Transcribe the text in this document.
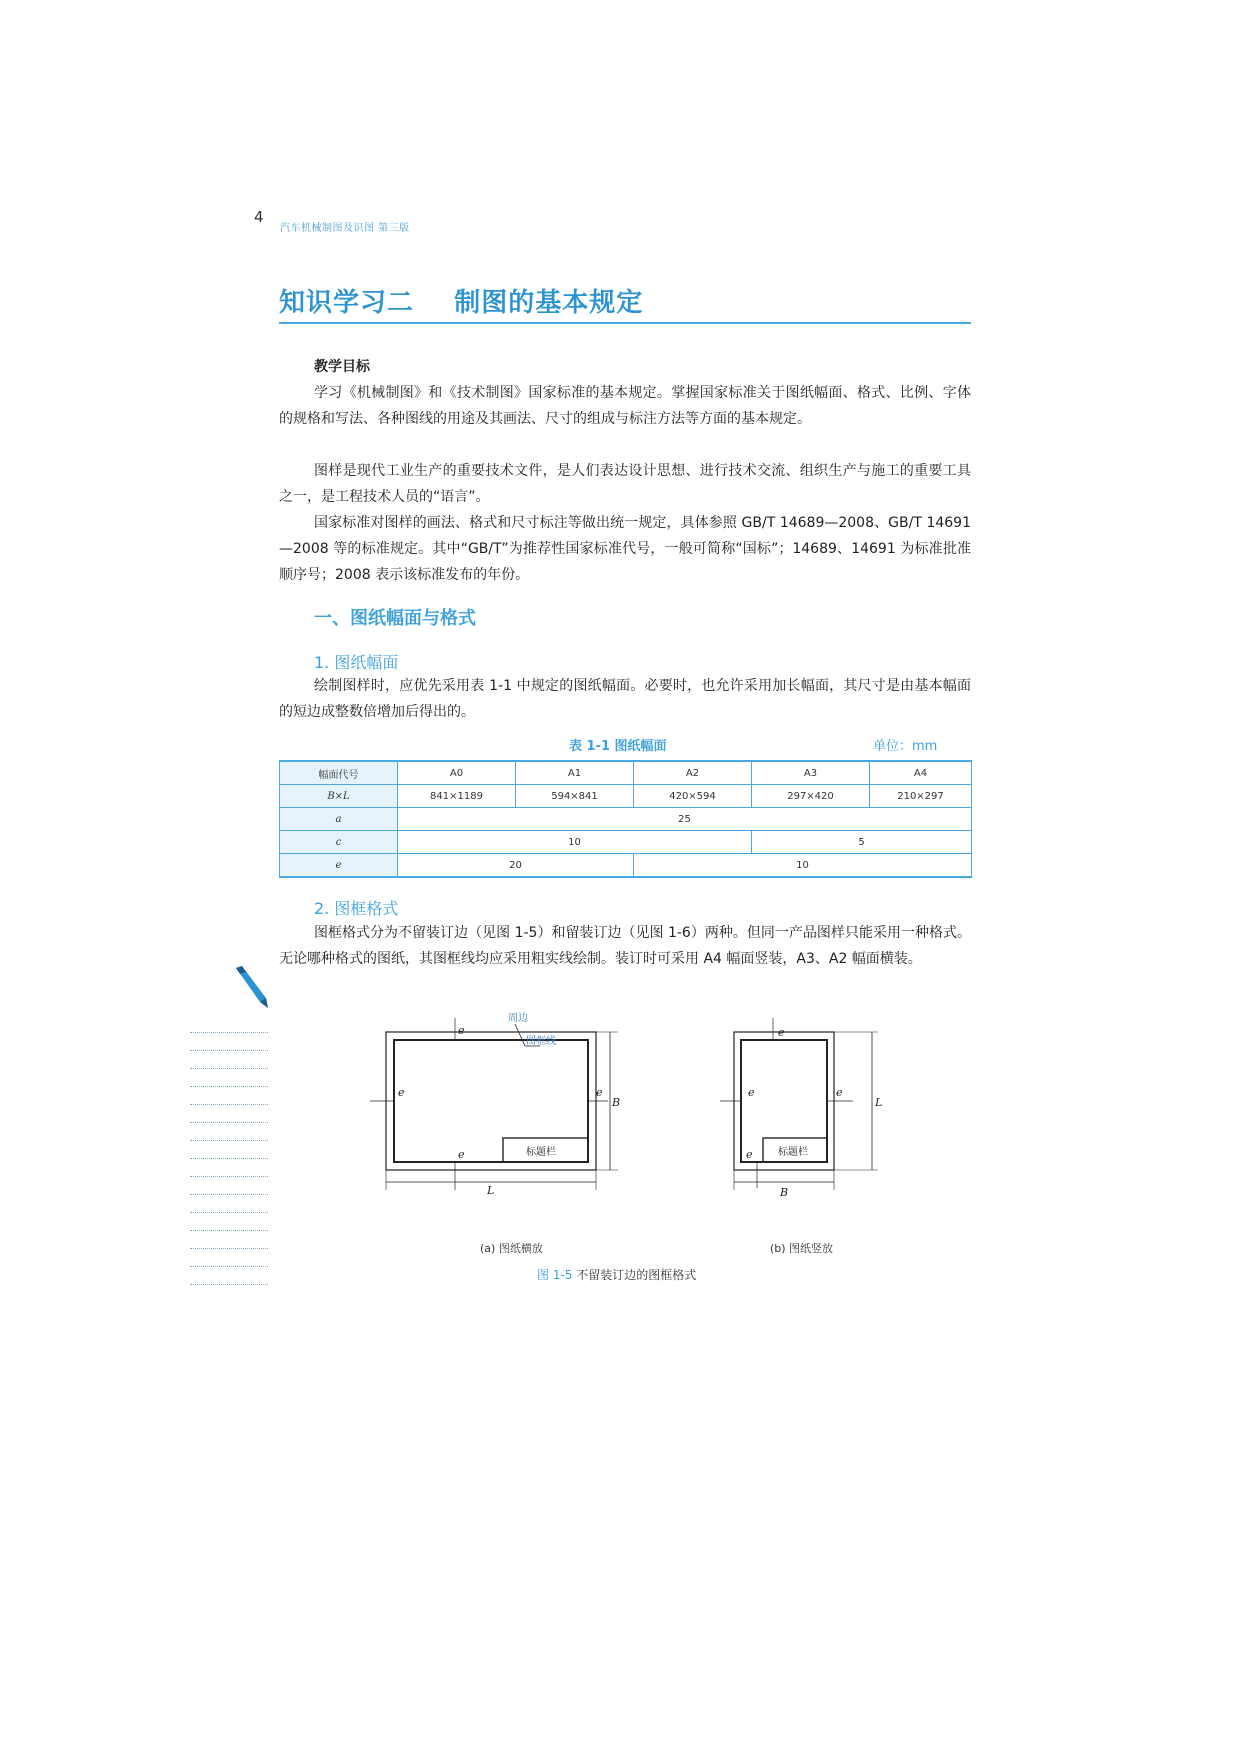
4
汽车机械制图及识图 第三版
知识学习二    制图的基本规定
教学目标

学习《机械制图》和《技术制图》国家标准的基本规定。掌握国家标准关于图纸幅面、格式、比例、字体的规格和写法、各种图线的用途及其画法、尺寸的组成与标注方法等方面的基本规定。

图样是现代工业生产的重要技术文件，是人们表达设计思想、进行技术交流、组织生产与施工的重要工具之一，是工程技术人员的“语言”。

国家标准对图样的画法、格式和尺寸标注等做出统一规定，具体参照 GB/T 14689—2008、GB/T 14691—2008 等的标准规定。其中“GB/T”为推荐性国家标准代号，一般可简称“国标”；14689、14691 为标准批准顺序号；2008 表示该标准发布的年份。

一、图纸幅面与格式
1. 图纸幅面

绘制图样时，应优先采用表 1-1 中规定的图纸幅面。必要时，也允许采用加长幅面，其尺寸是由基本幅面的短边成整数倍增加后得出的。

表 1-1 图纸幅面	单位：mm
幅面代号	A0	A1	A2	A3	A4
B×L	841×1189	594×841	420×594	297×420	210×297
a	25				
c	10			5	
e	20		10		
2. 图框格式

图框格式分为不留装订边（见图 1-5）和留装订边（见图 1-6）两种。但同一产品图样只能采用一种格式。无论哪种格式的图纸，其图框线均应采用粗实线绘制。装订时可采用 A4 幅面竖装，A3、A2 幅面横装。

e	e
L
e
e
B
周边
图框线
标题栏
e	e
e
e
B
L
标题栏
(a) 图纸横放	(b) 图纸竖放
图 1-5 不留装订边的图框格式
